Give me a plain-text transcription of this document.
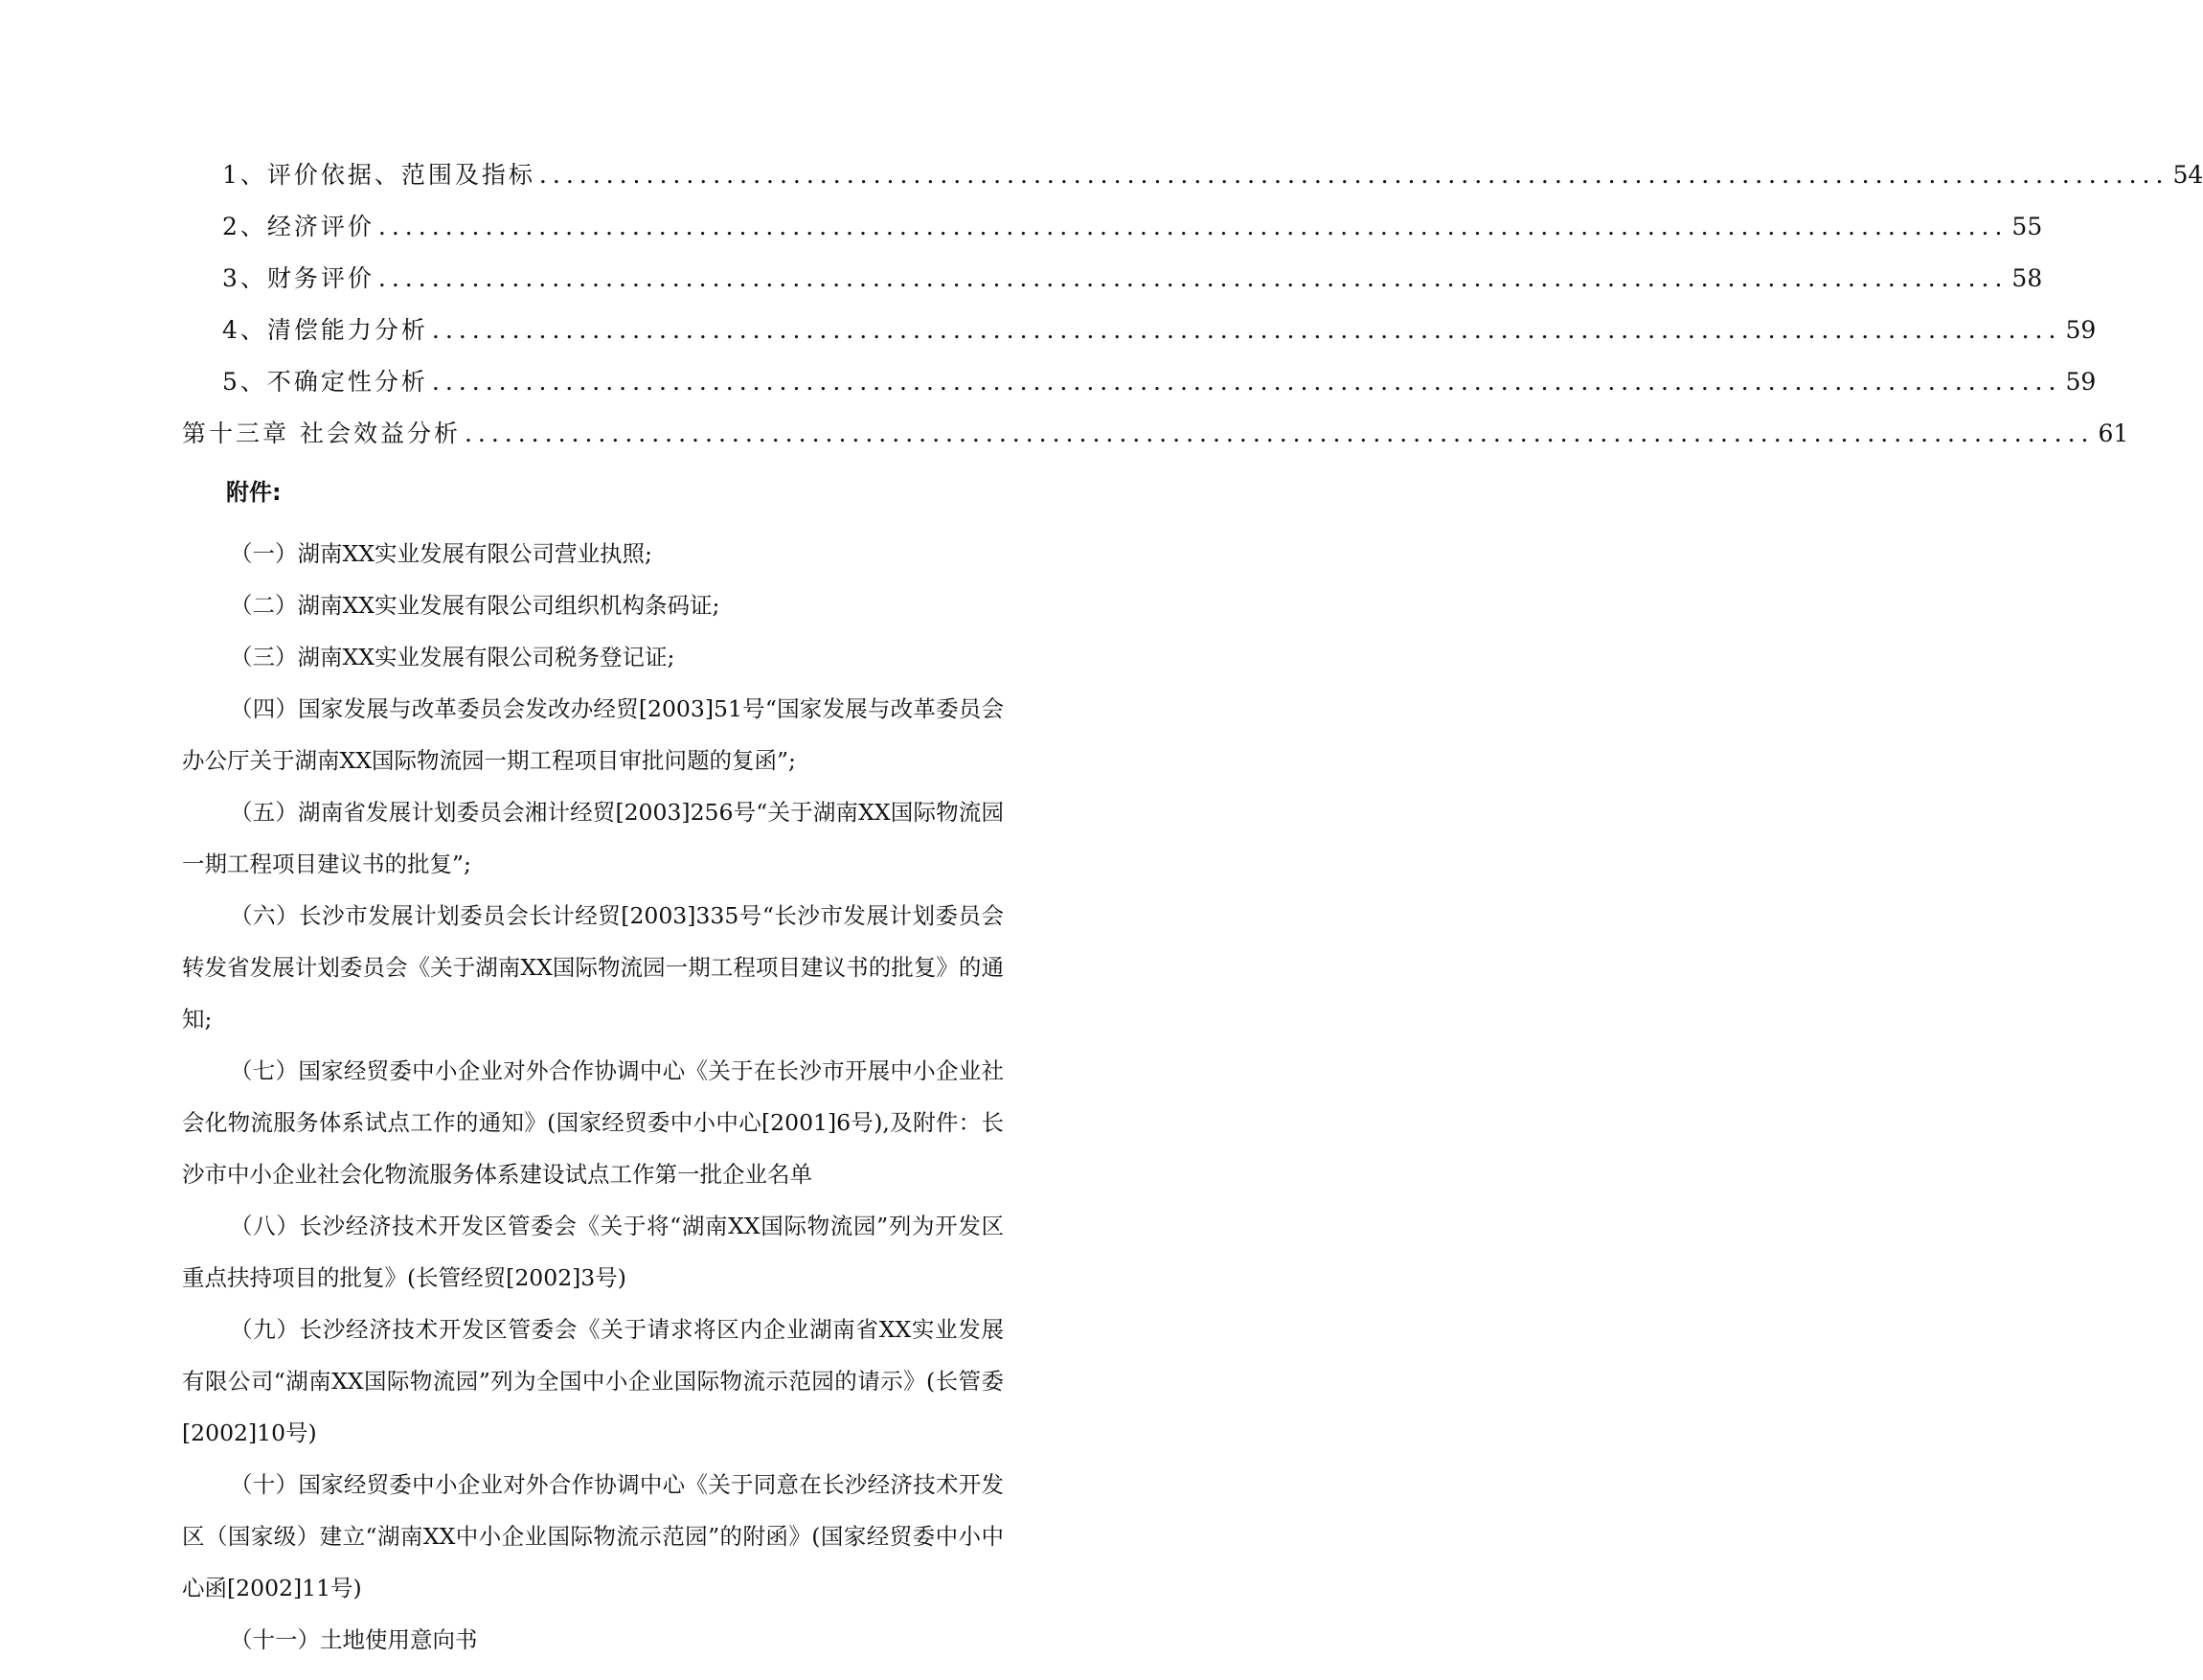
1、评价依据、范围及指标 .......................................................................................................................... 54
2、经济评价 .......................................................................................................................... 55
3、财务评价 .......................................................................................................................... 58
4、清偿能力分析 .......................................................................................................................... 59
5、不确定性分析 .......................................................................................................................... 59
第十三章 社会效益分析 .......................................................................................................................... 61
附件:

（一）湖南XX实业发展有限公司营业执照;

（二）湖南XX实业发展有限公司组织机构条码证;

（三）湖南XX实业发展有限公司税务登记证;

（四）国家发展与改革委员会发改办经贸[2003]51号“国家发展与改革委员会办公厅关于湖南XX国际物流园一期工程项目审批问题的复函”;

（五）湖南省发展计划委员会湘计经贸[2003]256号“关于湖南XX国际物流园一期工程项目建议书的批复”;

（六）长沙市发展计划委员会长计经贸[2003]335号“长沙市发展计划委员会转发省发展计划委员会《关于湖南XX国际物流园一期工程项目建议书的批复》的通知;

（七）国家经贸委中小企业对外合作协调中心《关于在长沙市开展中小企业社会化物流服务体系试点工作的通知》(国家经贸委中小中心[2001]6号),及附件：长沙市中小企业社会化物流服务体系建设试点工作第一批企业名单

（八）长沙经济技术开发区管委会《关于将“湖南XX国际物流园”列为开发区重点扶持项目的批复》(长管经贸[2002]3号)

（九）长沙经济技术开发区管委会《关于请求将区内企业湖南省XX实业发展有限公司“湖南XX国际物流园”列为全国中小企业国际物流示范园的请示》(长管委[2002]10号)

（十）国家经贸委中小企业对外合作协调中心《关于同意在长沙经济技术开发区（国家级）建立“湖南XX中小企业国际物流示范园”的附函》(国家经贸委中小中心函[2002]11号)

（十一）土地使用意向书
